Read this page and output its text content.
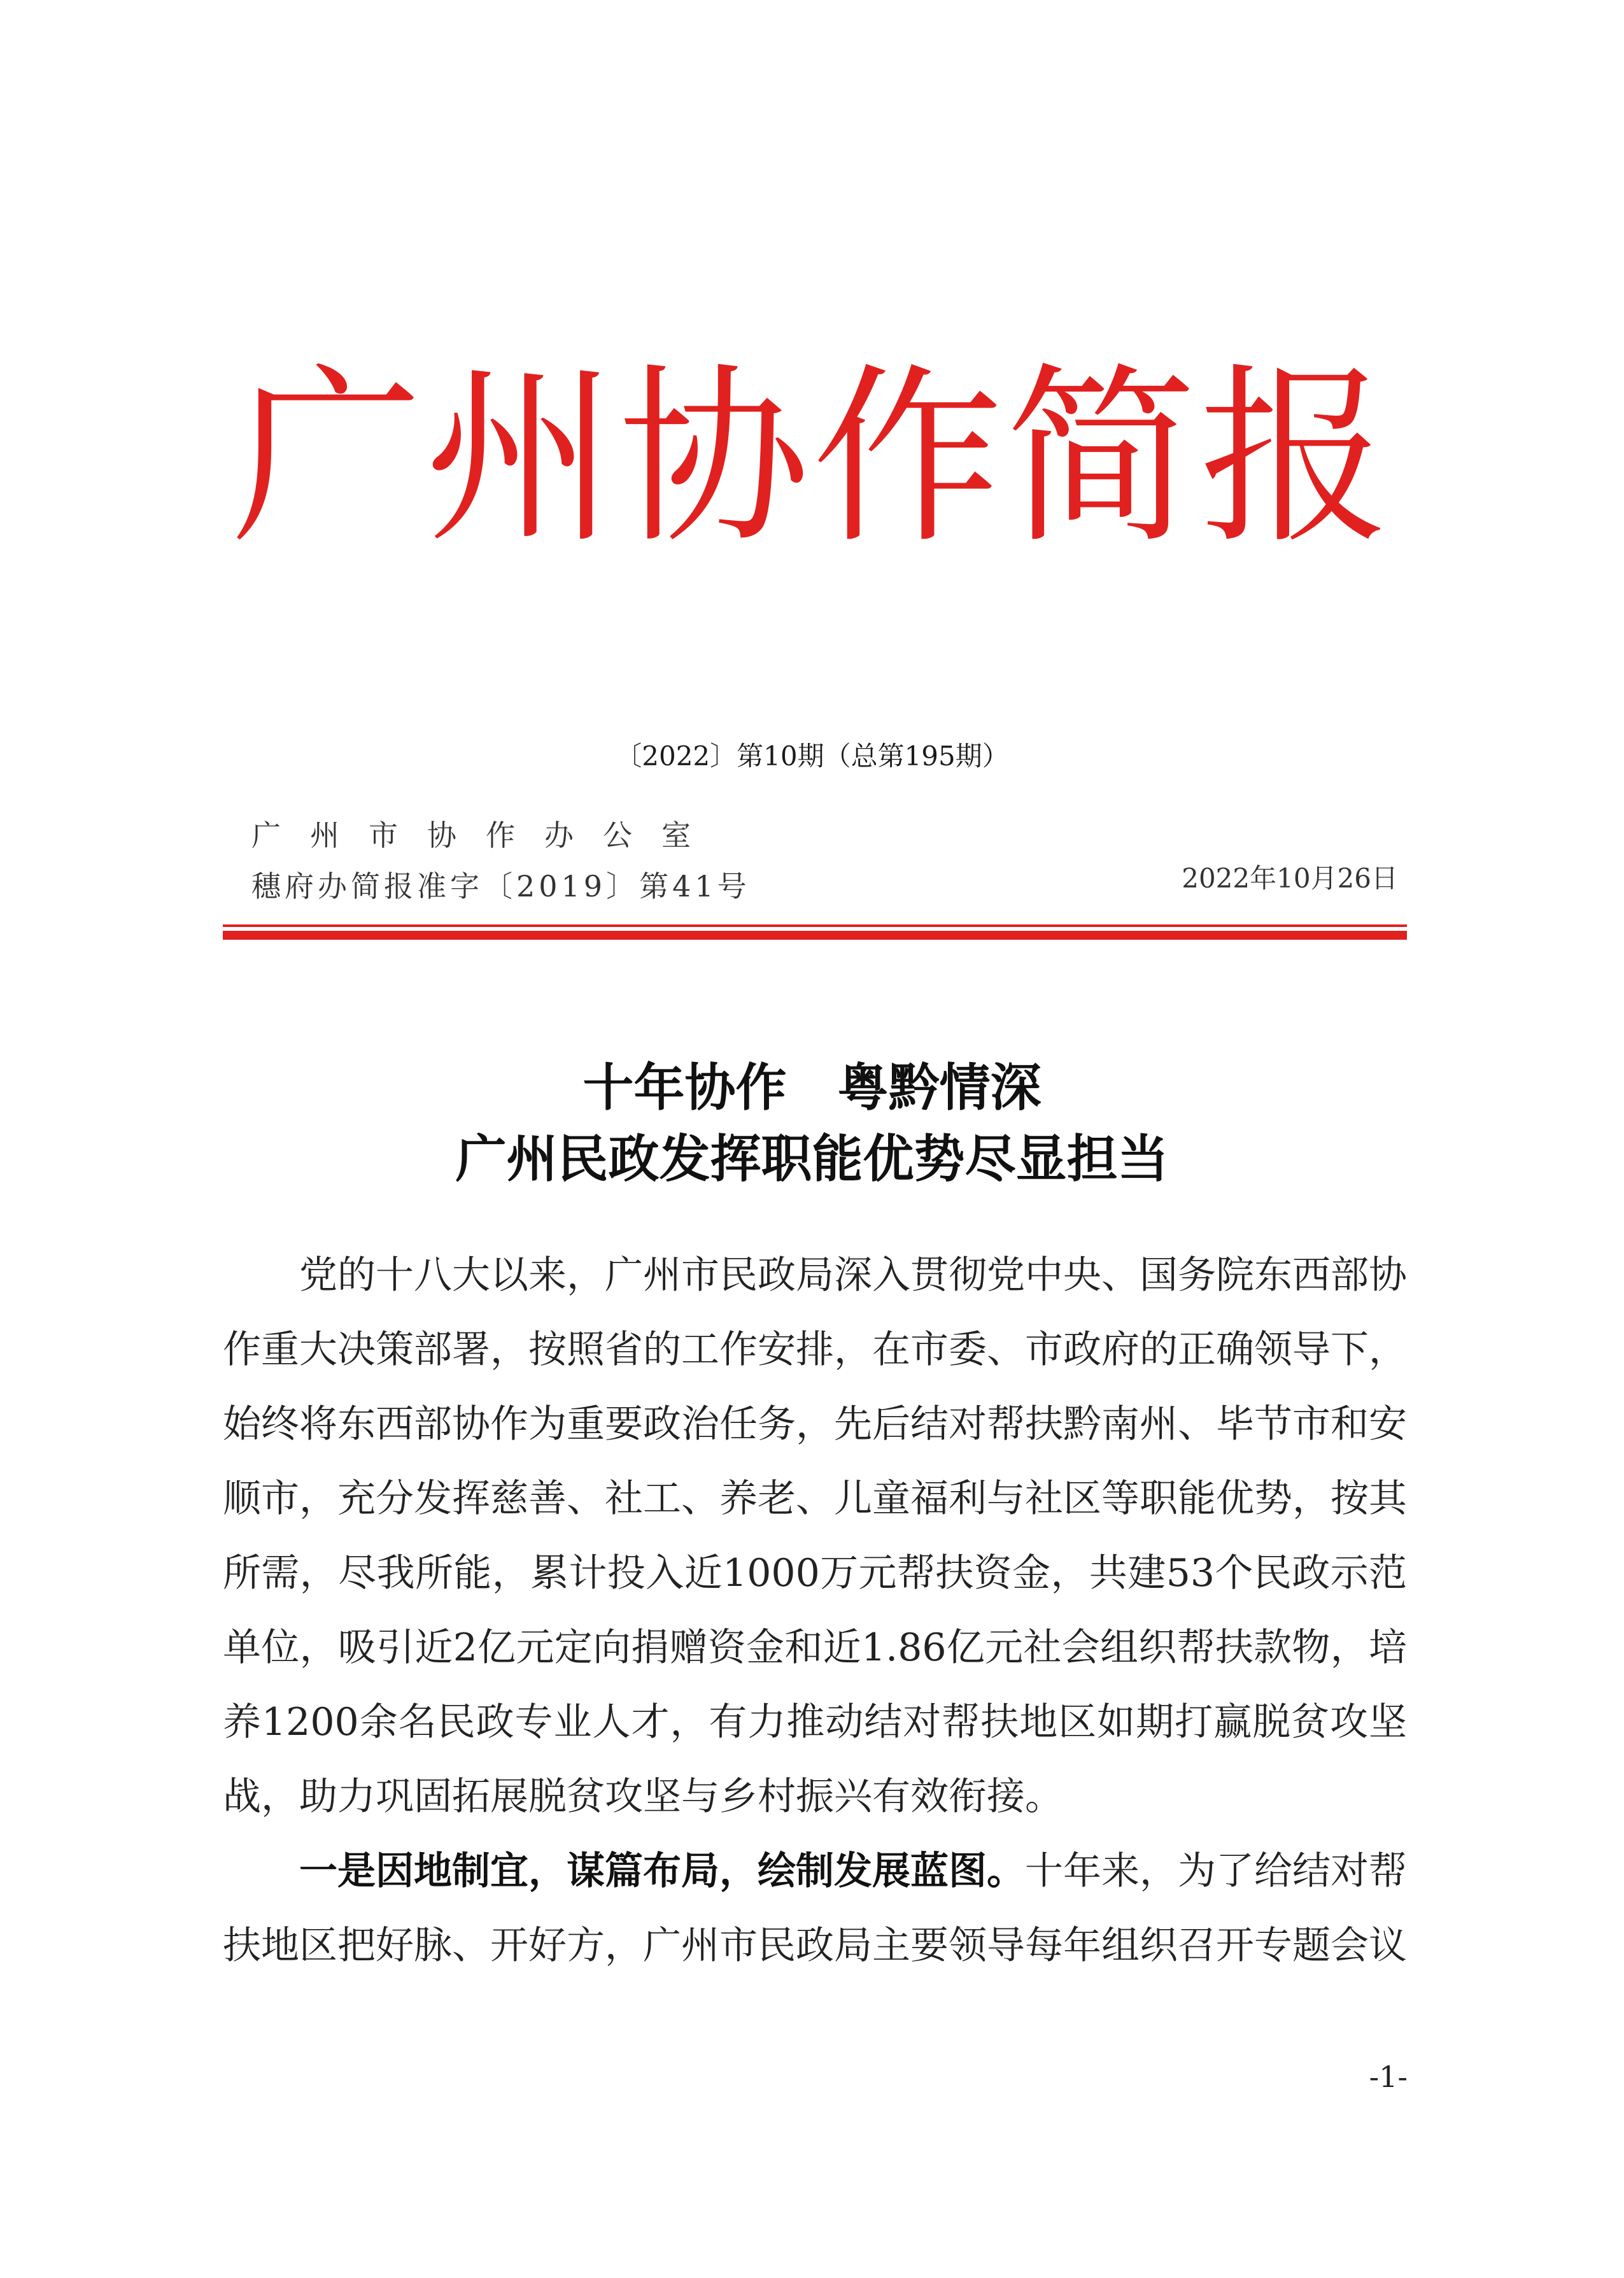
广州协作简报
〔2022〕第10期（总第195期）
广州市协作办公室
穗府办简报准字〔2019〕第41号	2022年10月26日
十年协作　粤黔情深
广州民政发挥职能优势尽显担当

党的十八大以来，广州市民政局深入贯彻党中央、国务院东西部协作重大决策部署，按照省的工作安排，在市委、市政府的正确领导下，始终将东西部协作为重要政治任务，先后结对帮扶黔南州、毕节市和安顺市，充分发挥慈善、社工、养老、儿童福利与社区等职能优势，按其所需，尽我所能，累计投入近1000万元帮扶资金，共建53个民政示范单位，吸引近2亿元定向捐赠资金和近1.86亿元社会组织帮扶款物，培养1200余名民政专业人才，有力推动结对帮扶地区如期打赢脱贫攻坚战，助力巩固拓展脱贫攻坚与乡村振兴有效衔接。

一是因地制宜，谋篇布局，绘制发展蓝图。十年来，为了给结对帮扶地区把好脉、开好方，广州市民政局主要领导每年组织召开专题会议

-1-
